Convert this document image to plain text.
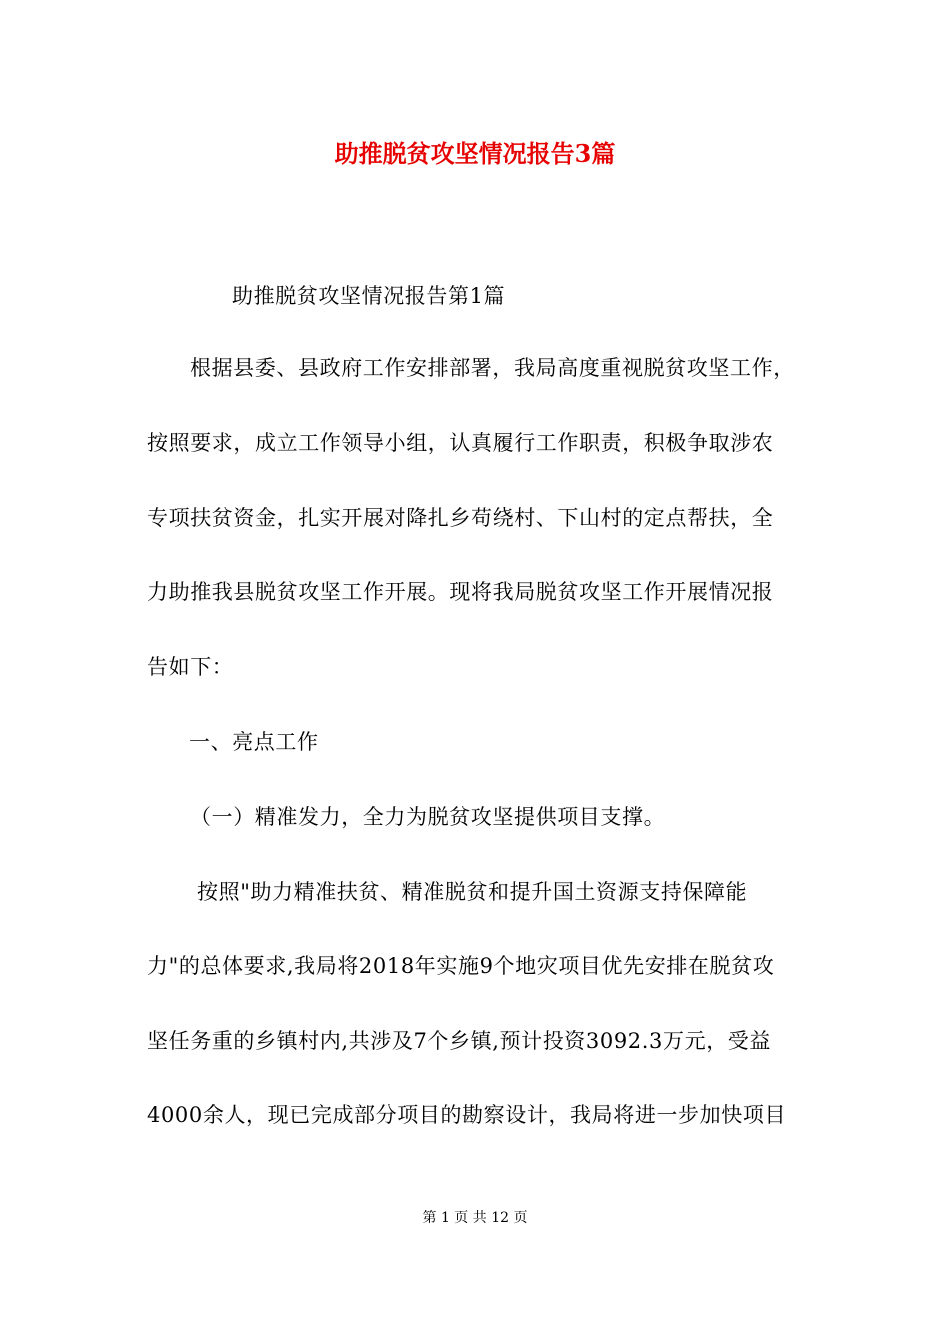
助推脱贫攻坚情况报告3篇
助推脱贫攻坚情况报告第1篇
根据县委、县政府工作安排部署，我局高度重视脱贫攻坚工作，
按照要求，成立工作领导小组，认真履行工作职责，积极争取涉农
专项扶贫资金，扎实开展对降扎乡苟绕村、下山村的定点帮扶，全
力助推我县脱贫攻坚工作开展。现将我局脱贫攻坚工作开展情况报
告如下：
一、亮点工作
（一）精准发力，全力为脱贫攻坚提供项目支撑。
按照"助力精准扶贫、精准脱贫和提升国土资源支持保障能
力"的总体要求,我局将2018年实施9个地灾项目优先安排在脱贫攻
坚任务重的乡镇村内,共涉及7个乡镇,预计投资3092.3万元，受益
4000余人，现已完成部分项目的勘察设计，我局将进一步加快项目
第 1 页 共 12 页
